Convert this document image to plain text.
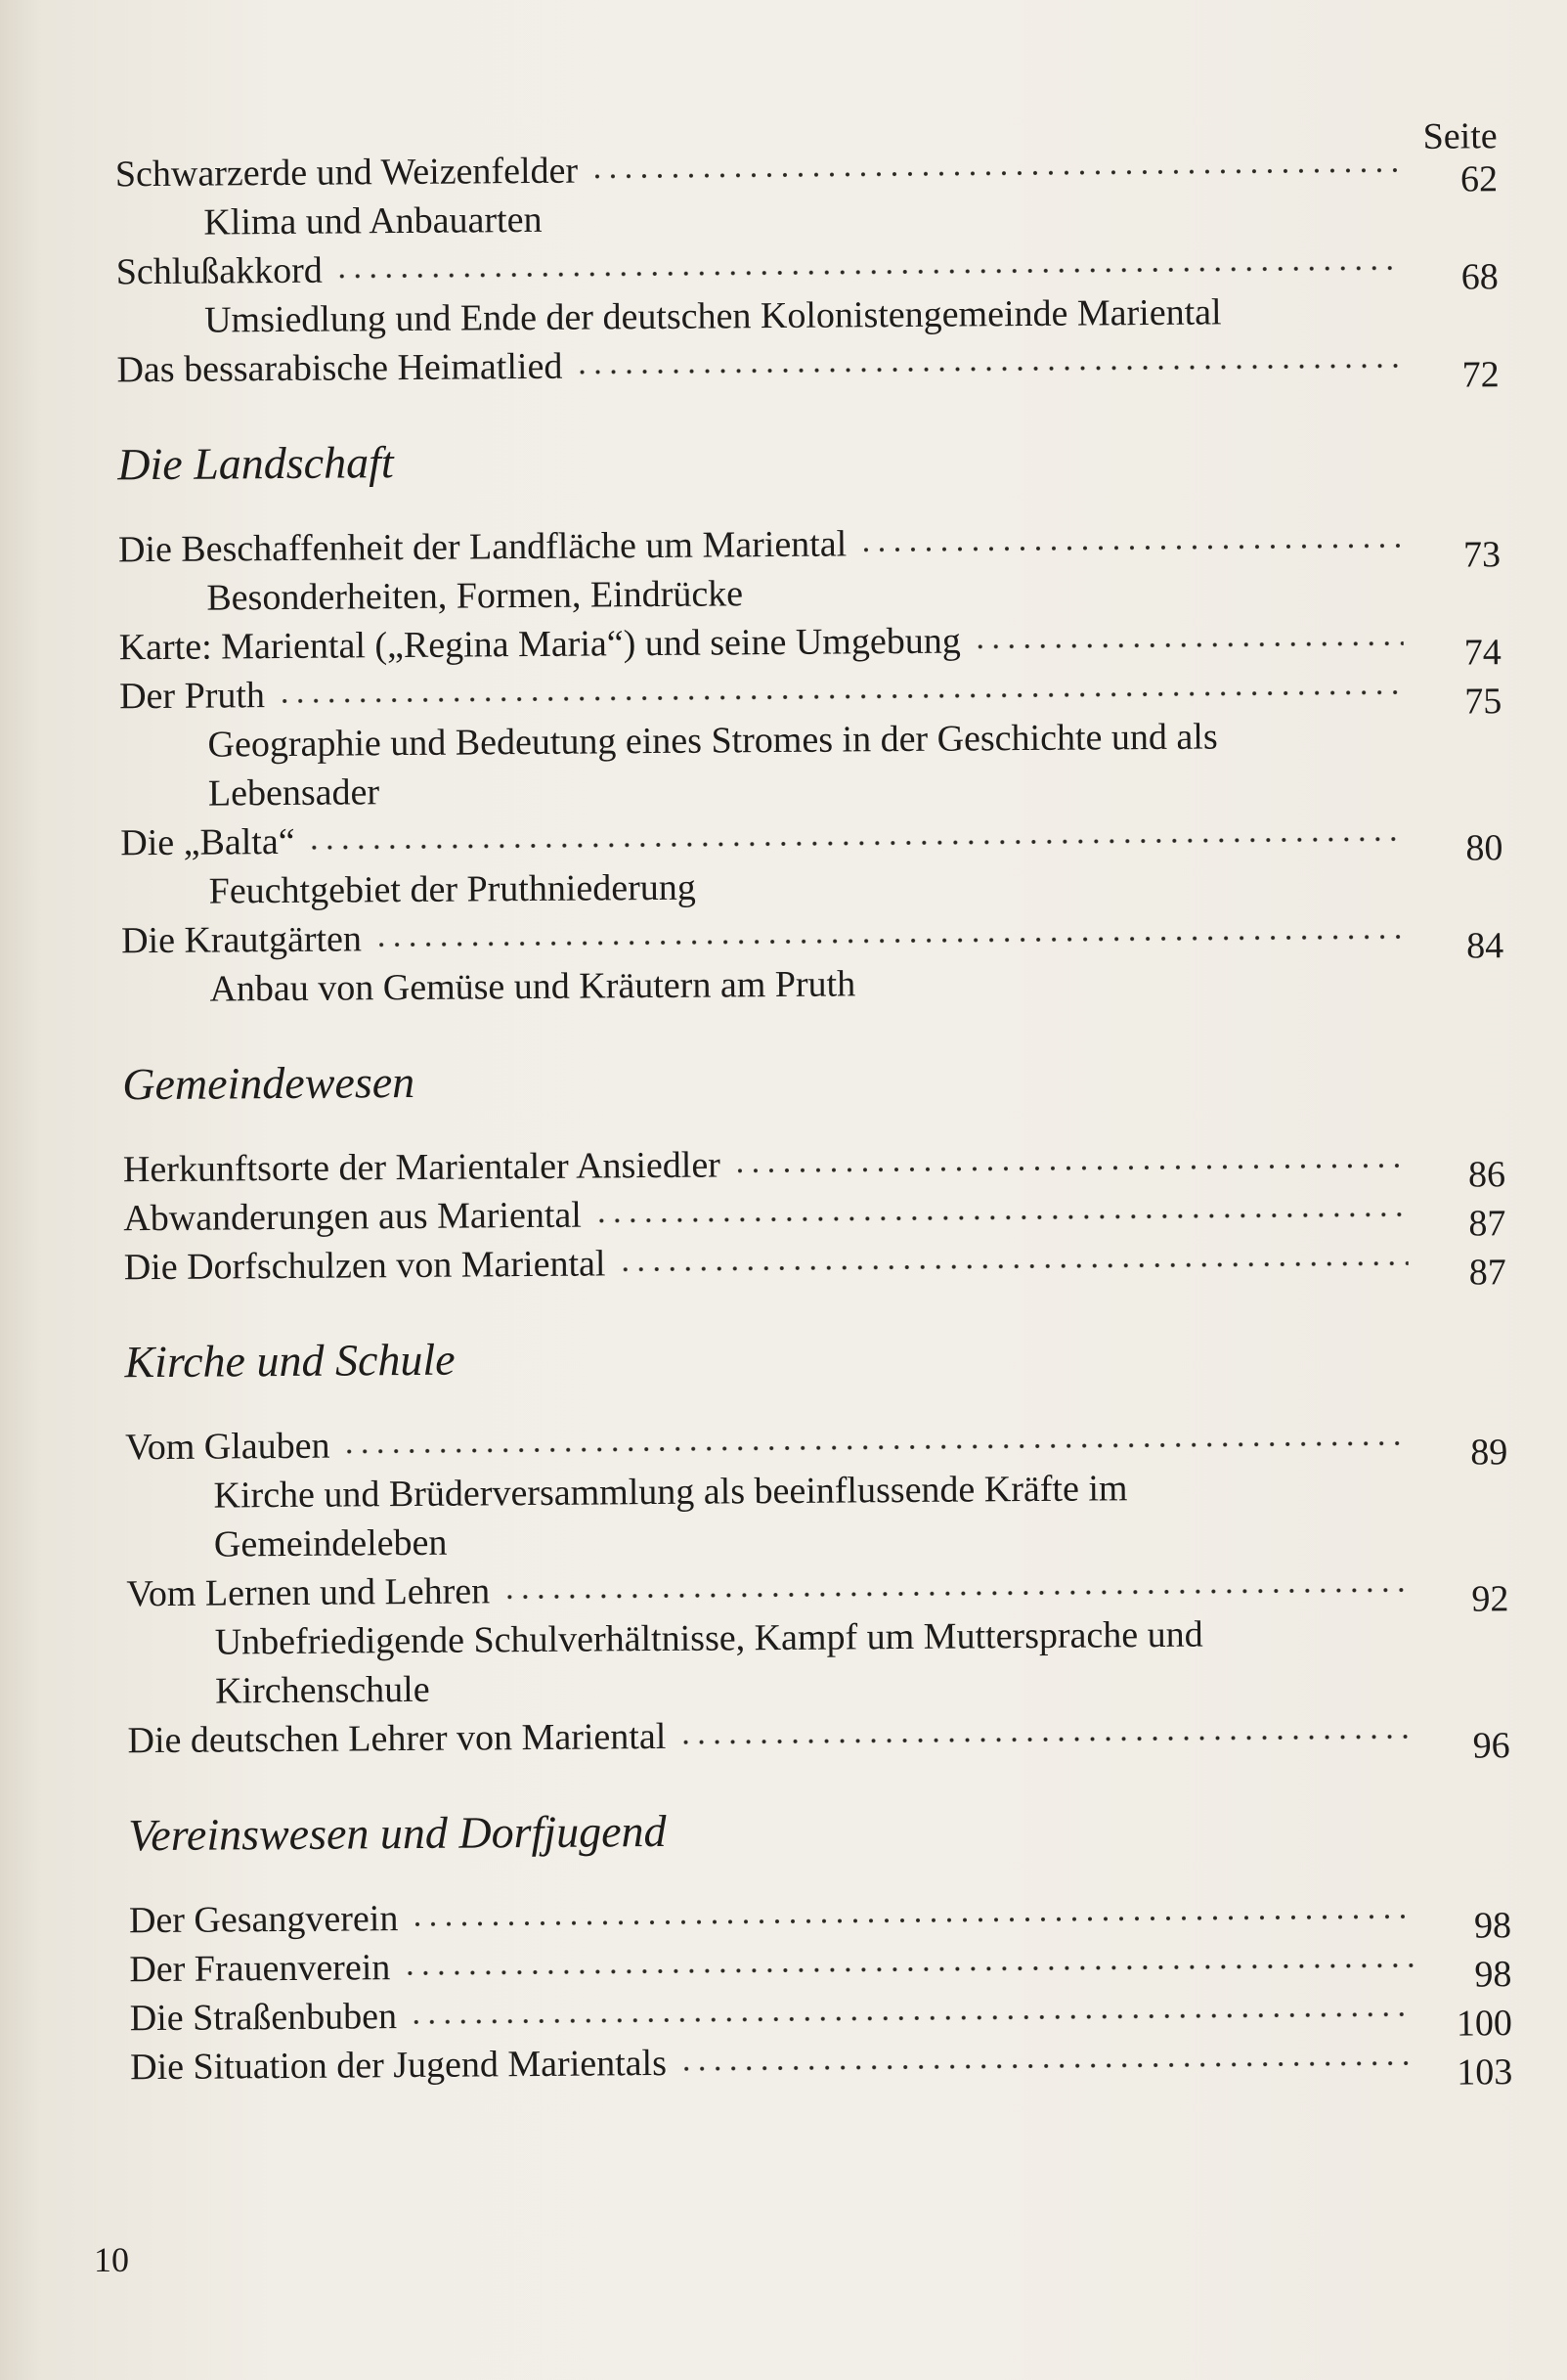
Seite
Schwarzerde und Weizenfelder	62
Klima und Anbauarten
Schlußakkord	68
Umsiedlung und Ende der deutschen Kolonistengemeinde Mariental
Das bessarabische Heimatlied	72
Die Landschaft
Die Beschaffenheit der Landfläche um Mariental	73
Besonderheiten, Formen, Eindrücke
Karte: Mariental („Regina Maria“) und seine Umgebung	74
Der Pruth	75
Geographie und Bedeutung eines Stromes in der Geschichte und als
Lebensader
Die „Balta“	80
Feuchtgebiet der Pruthniederung
Die Krautgärten	84
Anbau von Gemüse und Kräutern am Pruth
Gemeindewesen
Herkunftsorte der Marientaler Ansiedler	86
Abwanderungen aus Mariental	87
Die Dorfschulzen von Mariental	87
Kirche und Schule
Vom Glauben	89
Kirche und Brüderversammlung als beeinflussende Kräfte im
Gemeindeleben
Vom Lernen und Lehren	92
Unbefriedigende Schulverhältnisse, Kampf um Muttersprache und
Kirchenschule
Die deutschen Lehrer von Mariental	96
Vereinswesen und Dorfjugend
Der Gesangverein	98
Der Frauenverein	98
Die Straßenbuben	100
Die Situation der Jugend Marientals	103
10
